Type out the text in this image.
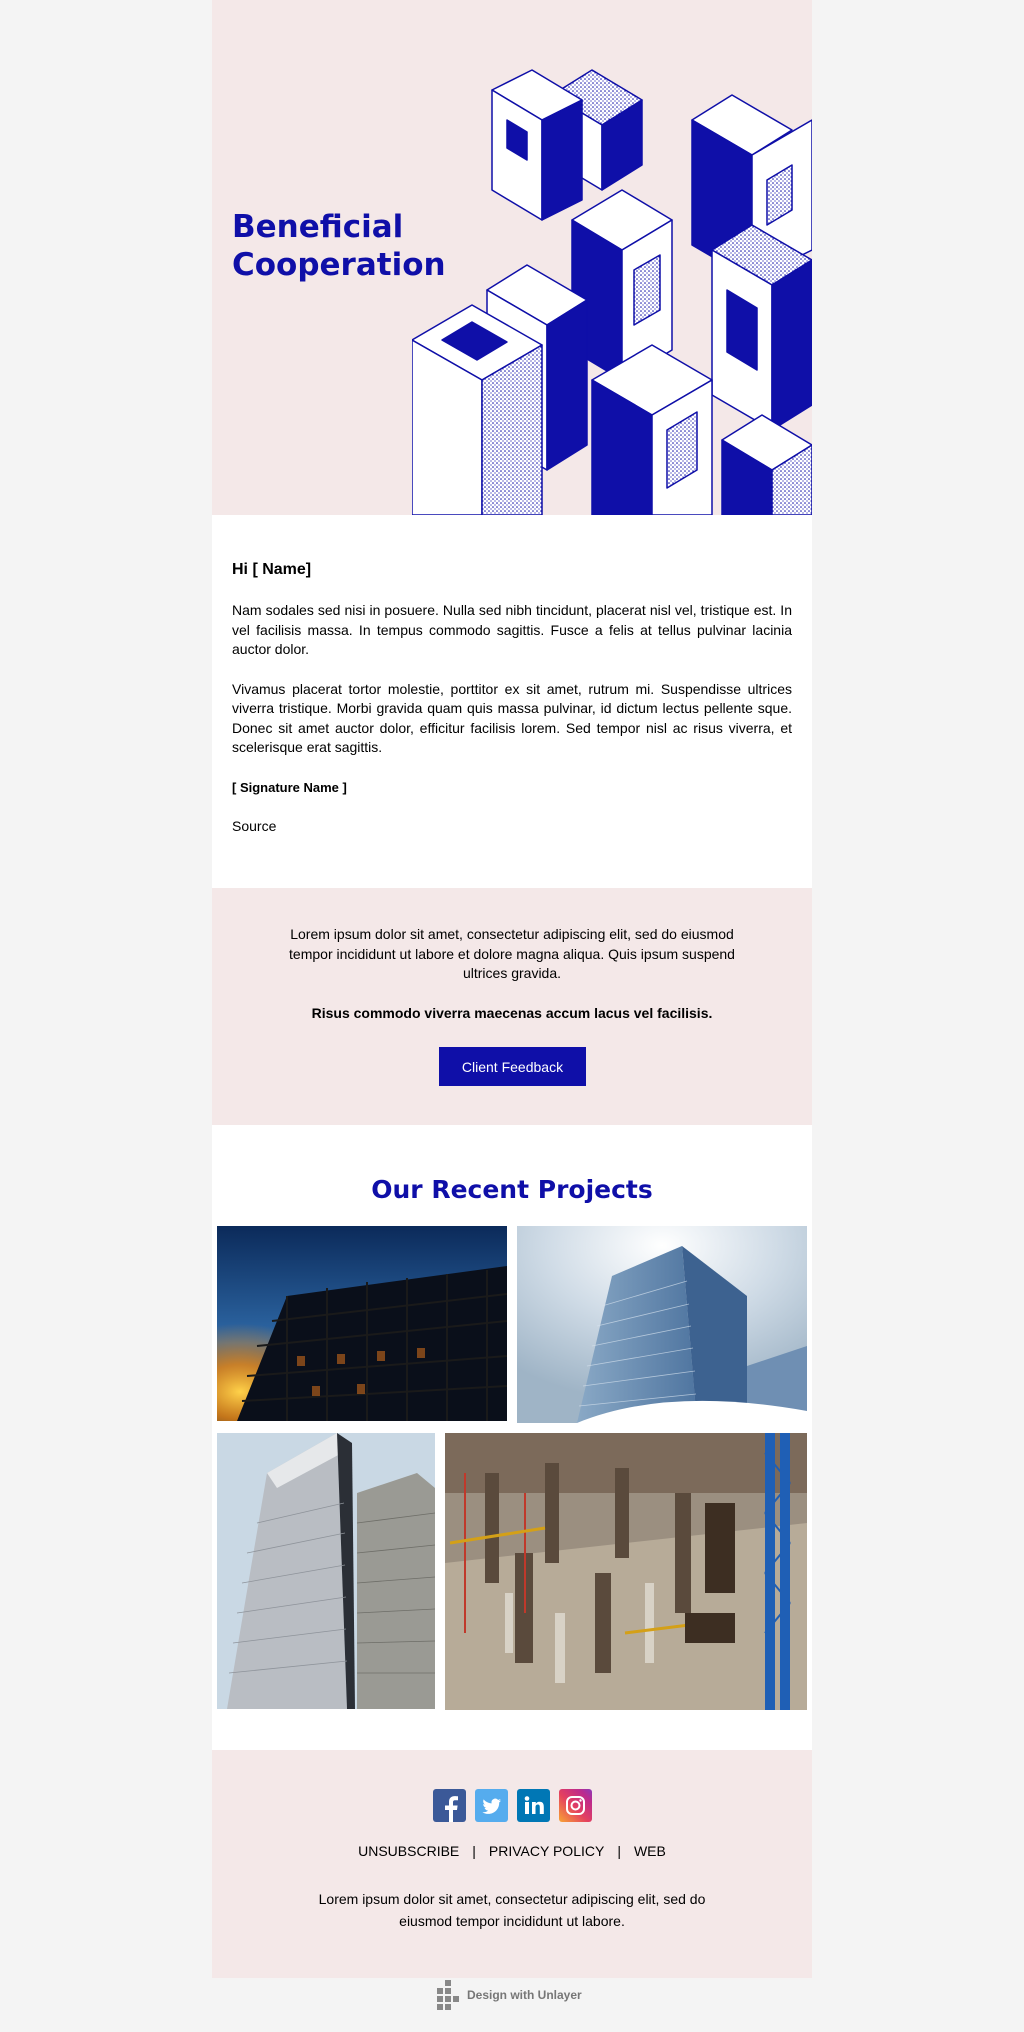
Beneficial
Cooperation

Hi [ Name]

Nam sodales sed nisi in posuere. Nulla sed nibh tincidunt, placerat nisl vel, tristique est. In vel facilisis massa. In tempus commodo sagittis. Fusce a felis at tellus pulvinar lacinia auctor dolor.

Vivamus placerat tortor molestie, porttitor ex sit amet, rutrum mi. Suspendisse ultrices viverra tristique. Morbi gravida quam quis massa pulvinar, id dictum lectus pellente sque. Donec sit amet auctor dolor, efficitur facilisis lorem. Sed tempor nisl ac risus viverra, et scelerisque erat sagittis.

[ Signature Name ]

Source

Lorem ipsum dolor sit amet, consectetur adipiscing elit, sed do eiusmod tempor incididunt ut labore et dolore magna aliqua. Quis ipsum suspend ultrices gravida.

Risus commodo viverra maecenas accum lacus vel facilisis.

Client Feedback
Our Recent Projects
UNSUBSCRIBE | PRIVACY POLICY | WEB

Lorem ipsum dolor sit amet, consectetur adipiscing elit, sed do eiusmod tempor incididunt ut labore.

Design with Unlayer
